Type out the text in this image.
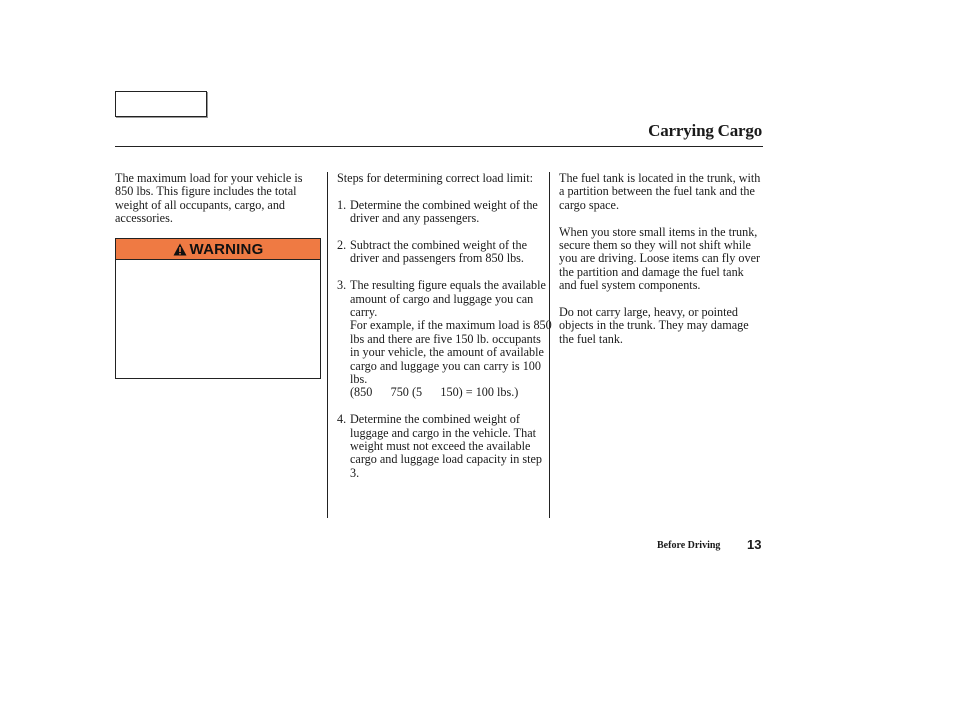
Carrying Cargo

The maximum load for your vehicle is 850 lbs. This figure includes the total weight of all occupants, cargo, and accessories.

WARNING

Steps for determining correct load limit:

1. Determine the combined weight of the driver and any passengers.
2. Subtract the combined weight of the driver and passengers from 850 lbs.
3. The resulting figure equals the available amount of cargo and luggage you can carry.
For example, if the maximum load is 850 lbs and there are five 150 lb. occupants in your vehicle, the amount of available cargo and luggage you can carry is 100 lbs.
(850      750 (5      150) = 100 lbs.)
4. Determine the combined weight of luggage and cargo in the vehicle. That weight must not exceed the available cargo and luggage load capacity in step 3.

The fuel tank is located in the trunk, with a partition between the fuel tank and the cargo space.

When you store small items in the trunk, secure them so they will not shift while you are driving. Loose items can fly over the partition and damage the fuel tank and fuel system components.

Do not carry large, heavy, or pointed objects in the trunk. They may damage the fuel tank.

Before Driving 13
